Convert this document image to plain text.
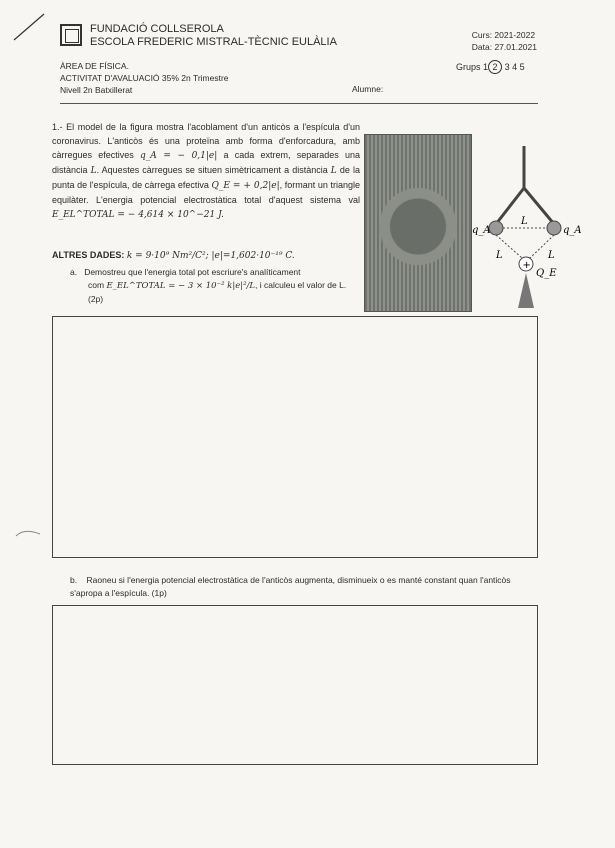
FUNDACIÓ COLLSEROLA
ESCOLA FREDERIC MISTRAL-TÈCNIC EULÀLIA
Curs: 2021-2022
Data: 27.01.2021
Grups 1 2 3 4 5
ÀREA DE FÍSICA.
ACTIVITAT D'AVALUACIÓ 35% 2n Trimestre
Nivell 2n Batxillerat	Alumne:
1.- El model de la figura mostra l'acoblament d'un anticòs a l'espícula d'un coronavirus. L'anticòs és una proteïna amb forma d'enforcadura, amb càrregues efectives q_A = − 0,1|e| a cada extrem, separades una distància L. Aquestes càrregues se situen simètricament a distància L de la punta de l'espícula, de càrrega efectiva Q_E = + 0,2|e|, formant un triangle equilàter. L'energia potencial electrostàtica total d'aquest sistema val E_EL^TOTAL = − 4,614 × 10^−21 J.
ALTRES DADES: k = 9·10⁹ Nm²/C²; |e|=1,602·10⁻¹⁹ C.
a. Demostreu que l'energia total pot escriure's analíticament
com E_EL^TOTAL = − 3 × 10⁻² k|e|²/L, i calculeu el valor de L. (2p)
+
q_A	q_A
L
L	L
Q_E
b. Raoneu si l'energia potencial electrostàtica de l'anticòs augmenta, disminueix o es manté constant quan l'anticòs s'apropa a l'espícula. (1p)
